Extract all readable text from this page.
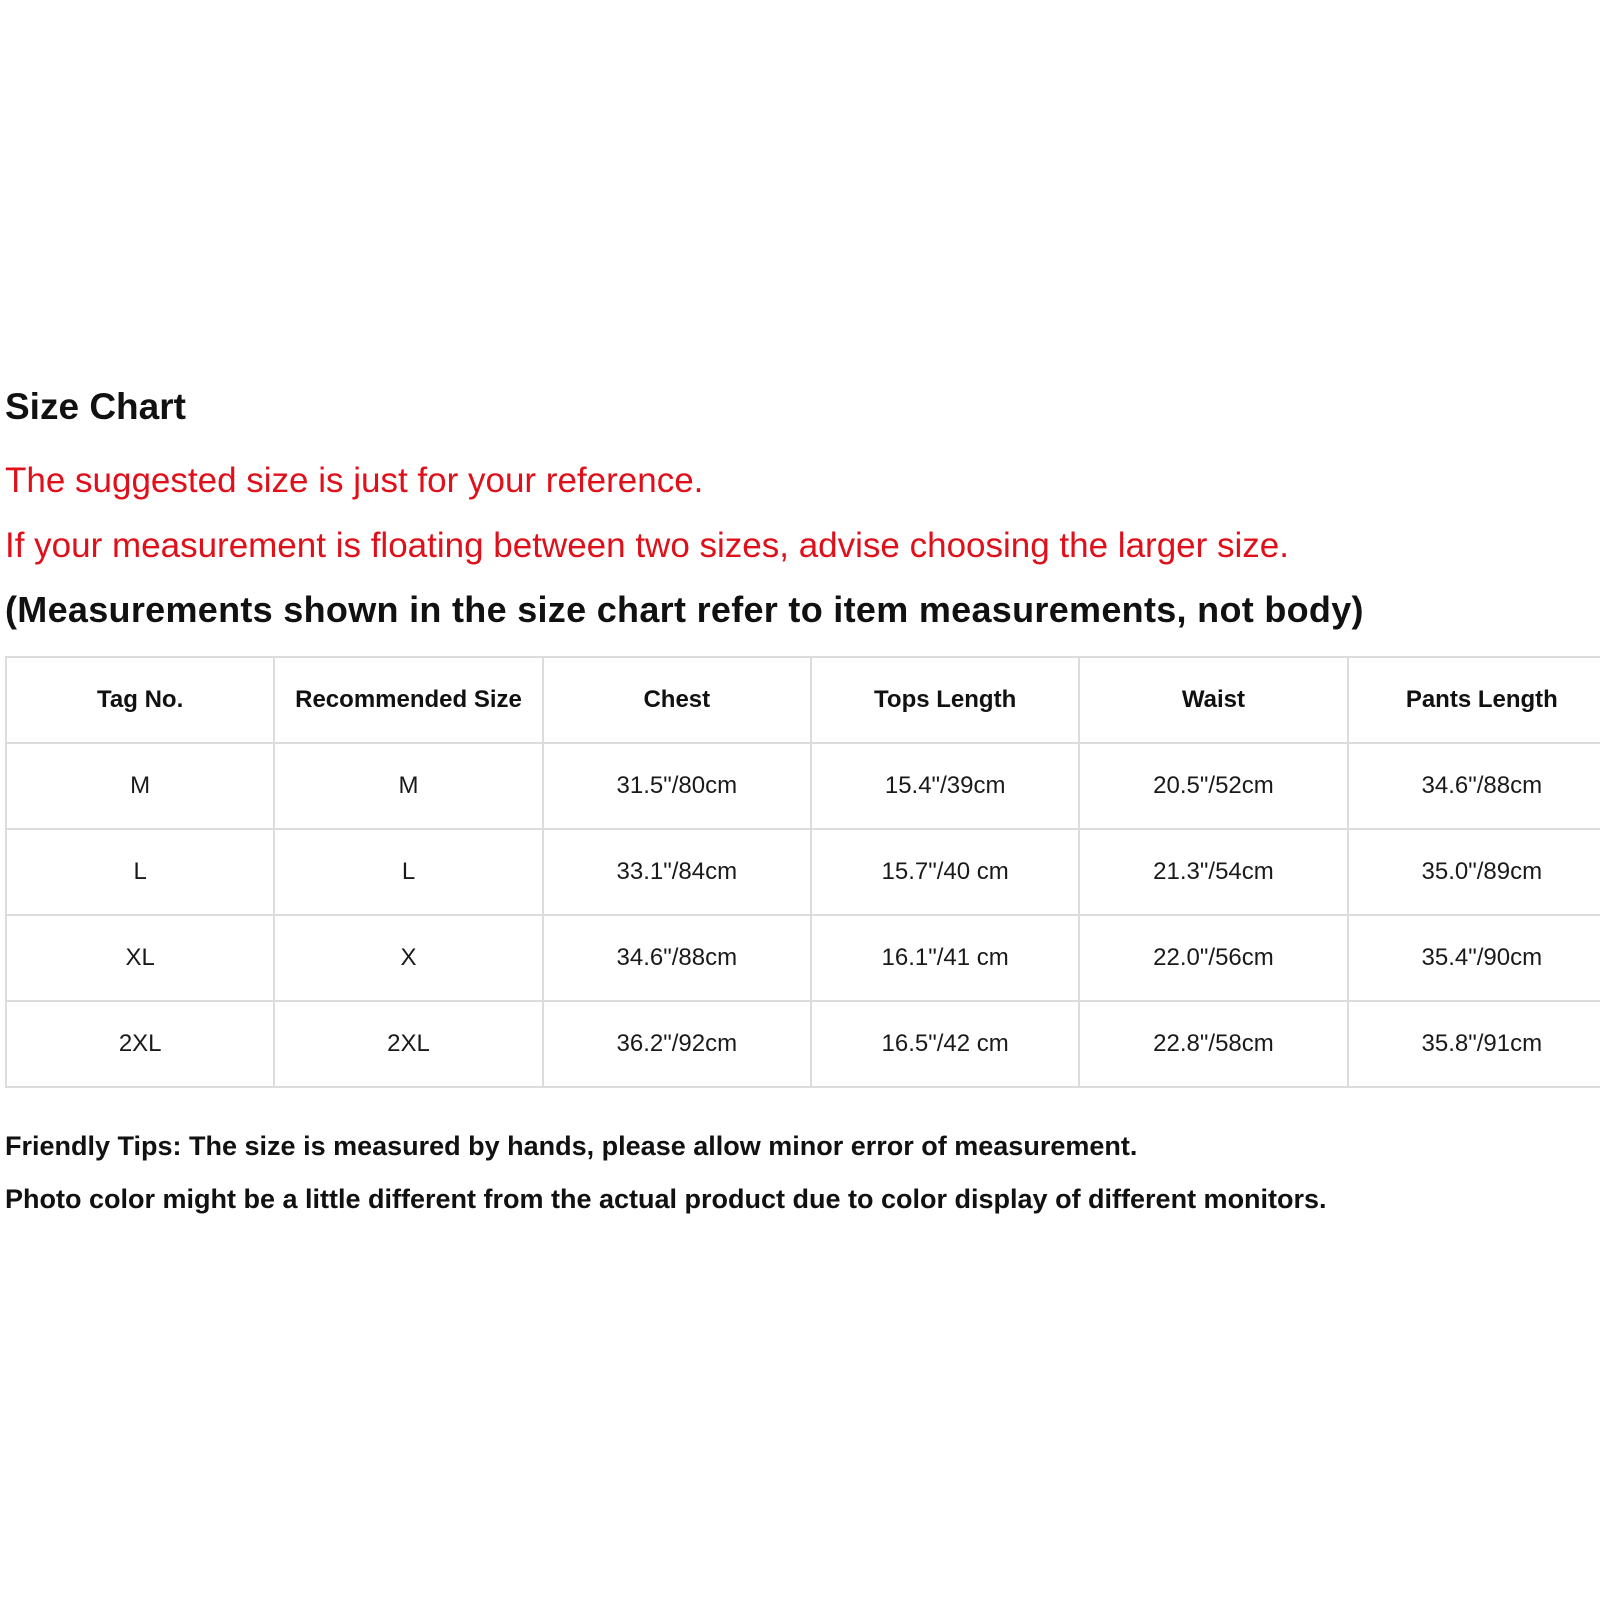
Size Chart
The suggested size is just for your reference.
If your measurement is floating between two sizes, advise choosing the larger size.
(Measurements shown in the size chart refer to item measurements, not body)
Tag No.	Recommended Size	Chest	Tops Length	Waist	Pants Length
M	M	31.5"/80cm	15.4"/39cm	20.5"/52cm	34.6"/88cm
L	L	33.1"/84cm	15.7"/40 cm	21.3"/54cm	35.0"/89cm
XL	X	34.6"/88cm	16.1"/41 cm	22.0"/56cm	35.4"/90cm
2XL	2XL	36.2"/92cm	16.5"/42 cm	22.8"/58cm	35.8"/91cm
Friendly Tips: The size is measured by hands, please allow minor error of measurement.
Photo color might be a little different from the actual product due to color display of different monitors.
